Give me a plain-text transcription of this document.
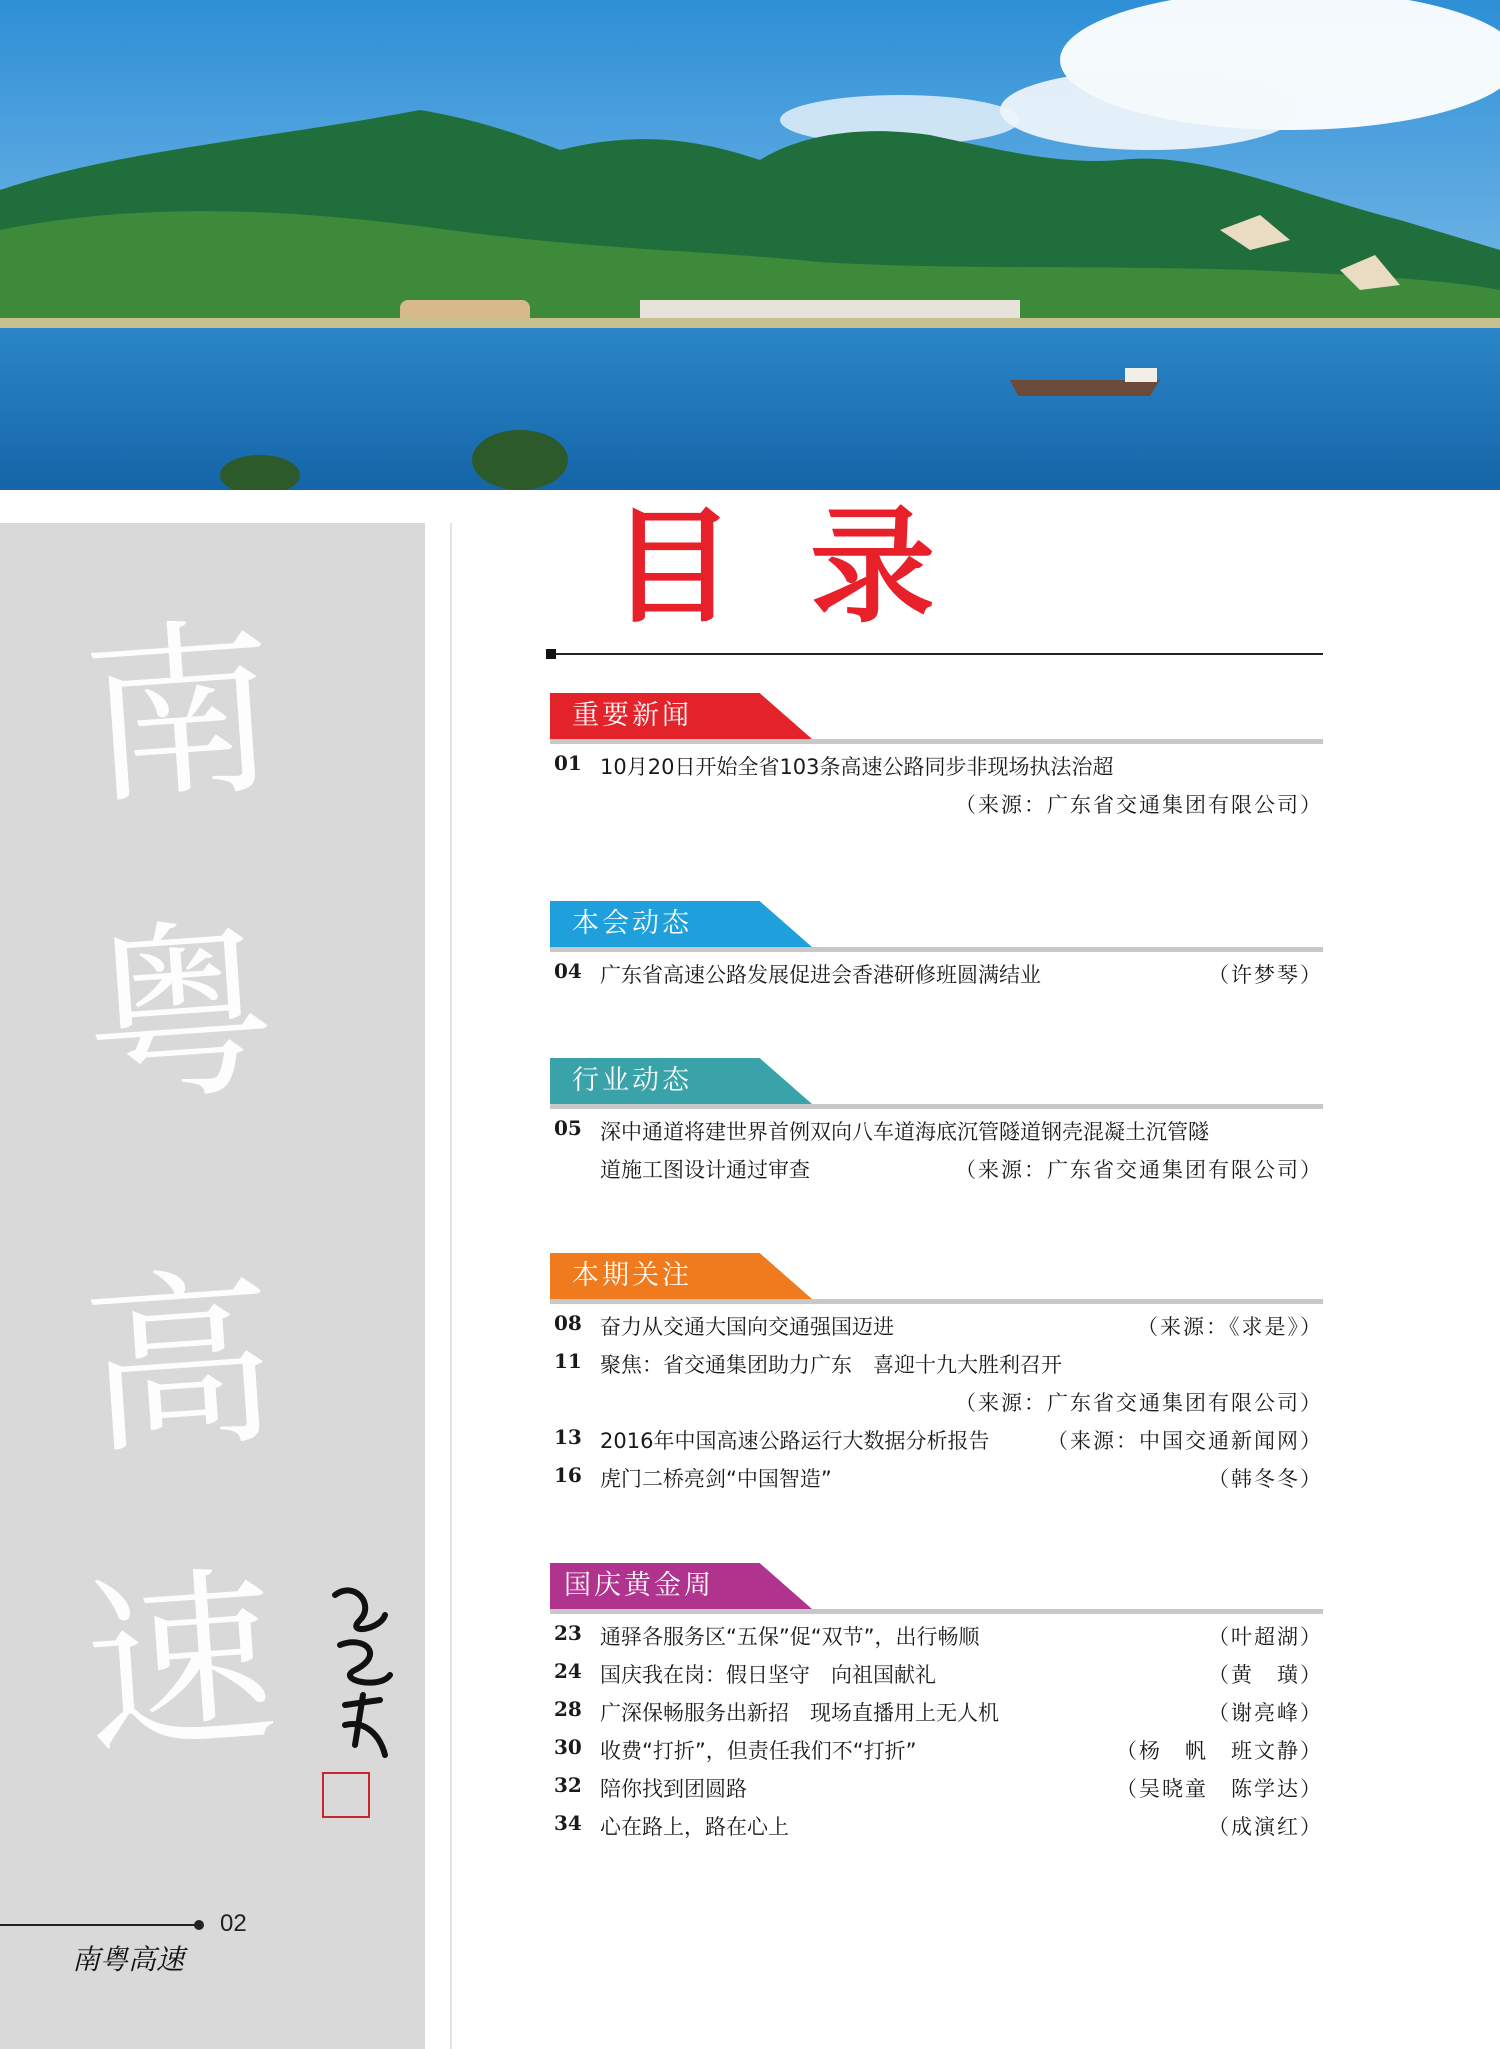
南
粤
高
速
02
南粤高速
目录
重要新闻
01 10月20日开始全省103条高速公路同步非现场执法治超
（来源：广东省交通集团有限公司）
本会动态
04 广东省高速公路发展促进会香港研修班圆满结业	（许梦琴）
行业动态
05 深中通道将建世界首例双向八车道海底沉管隧道钢壳混凝土沉管隧
道施工图设计通过审查	（来源：广东省交通集团有限公司）
本期关注
08 奋力从交通大国向交通强国迈进	（来源：《求是》）
11 聚焦：省交通集团助力广东　喜迎十九大胜利召开
（来源：广东省交通集团有限公司）
13 2016年中国高速公路运行大数据分析报告	（来源：中国交通新闻网）
16 虎门二桥亮剑“中国智造”	（韩冬冬）
国庆黄金周
23 通驿各服务区“五保”促“双节”，出行畅顺	（叶超湖）
24 国庆我在岗：假日坚守　向祖国献礼	（黄　璜）
28 广深保畅服务出新招　现场直播用上无人机	（谢亮峰）
30 收费“打折”，但责任我们不“打折”	（杨　帆　班文静）
32 陪你找到团圆路	（吴晓童　陈学达）
34 心在路上，路在心上	（成演红）
